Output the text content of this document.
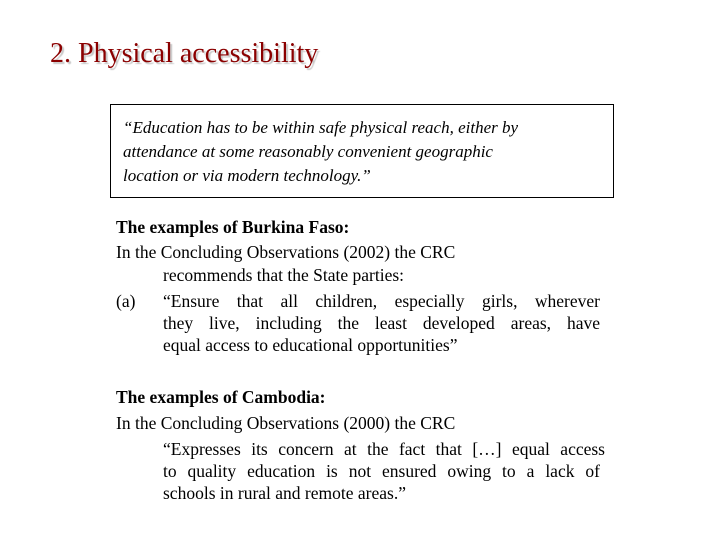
2. Physical accessibility
“Education has to be within safe physical reach, either by
attendance at some reasonably convenient geographic
location or via modern technology.”
The examples of Burkina Faso:
In the Concluding Observations (2002) the CRC
recommends that the State parties:
(a) “Ensure that all children, especially girls, wherever
they live, including the least developed areas, have
equal access to educational opportunities”
The examples of Cambodia:
In the Concluding Observations (2000) the CRC
“Expresses its concern at the fact that […] equal access
to quality education is not ensured owing to a lack of
schools in rural and remote areas.”
